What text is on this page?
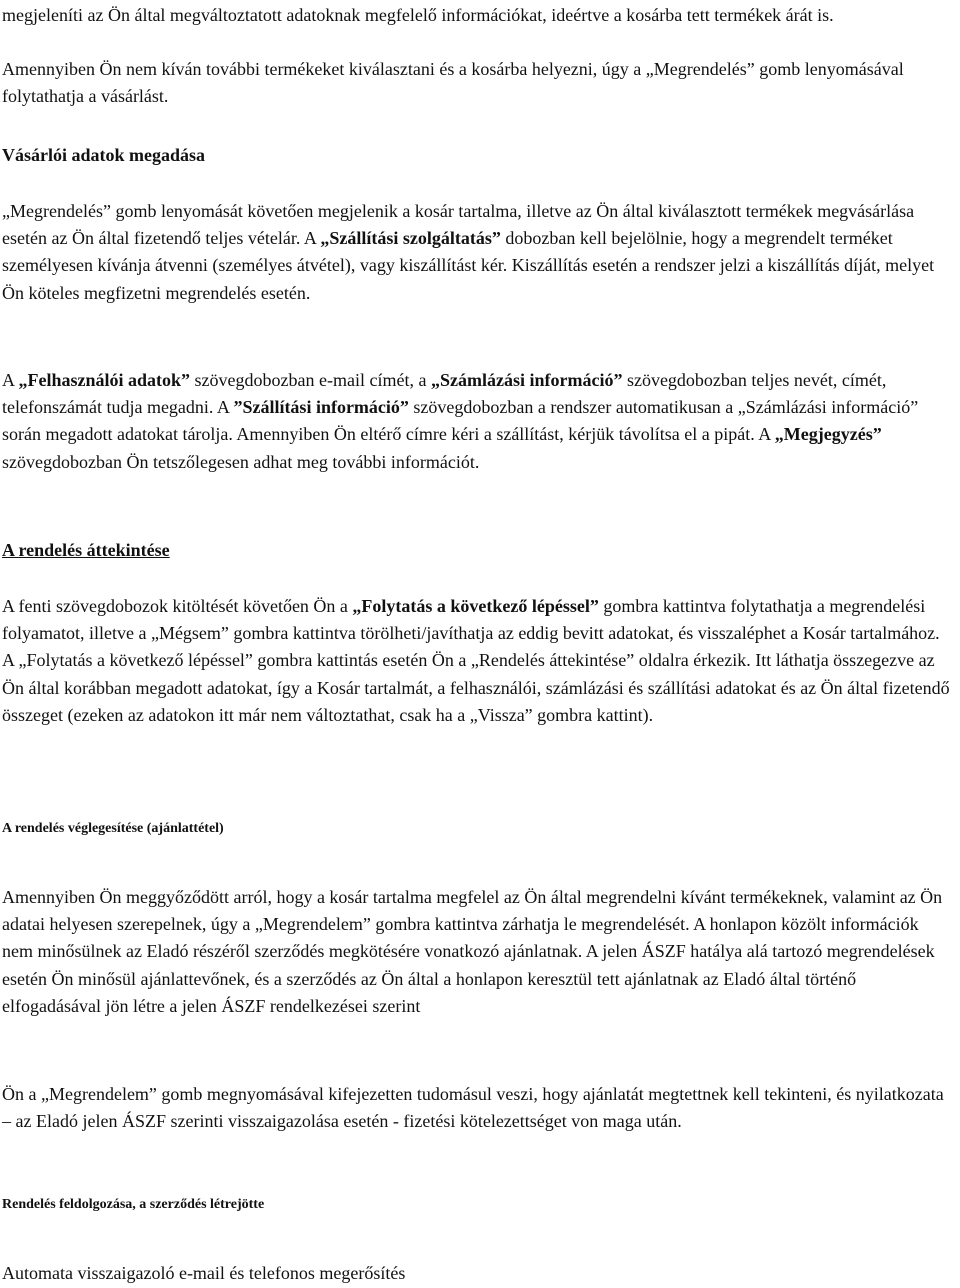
megjeleníti az Ön által megváltoztatott adatoknak megfelelő információkat, ideértve a kosárba tett termékek árát is.

Amennyiben Ön nem kíván további termékeket kiválasztani és a kosárba helyezni, úgy a „Megrendelés” gomb lenyomásával folytathatja a vásárlást.

Vásárlói adatok megadása

„Megrendelés” gomb lenyomását követően megjelenik a kosár tartalma, illetve az Ön által kiválasztott termékek megvásárlása esetén az Ön által fizetendő teljes vételár. A „Szállítási szolgáltatás” dobozban kell bejelölnie, hogy a megrendelt terméket személyesen kívánja átvenni (személyes átvétel), vagy kiszállítást kér. Kiszállítás esetén a rendszer jelzi a kiszállítás díját, melyet Ön köteles megfizetni megrendelés esetén.

A „Felhasználói adatok” szövegdobozban e-mail címét, a „Számlázási információ” szövegdobozban teljes nevét, címét, telefonszámát tudja megadni. A ”Szállítási információ” szövegdobozban a rendszer automatikusan a „Számlázási információ” során megadott adatokat tárolja. Amennyiben Ön eltérő címre kéri a szállítást, kérjük távolítsa el a pipát. A „Megjegyzés” szövegdobozban Ön tetszőlegesen adhat meg további információt.

A rendelés áttekintése

A fenti szövegdobozok kitöltését követően Ön a „Folytatás a következő lépéssel” gombra kattintva folytathatja a megrendelési folyamatot, illetve a „Mégsem” gombra kattintva törölheti/javíthatja az eddig bevitt adatokat, és visszaléphet a Kosár tartalmához. A „Folytatás a következő lépéssel” gombra kattintás esetén Ön a „Rendelés áttekintése” oldalra érkezik. Itt láthatja összegezve az Ön által korábban megadott adatokat, így a Kosár tartalmát, a felhasználói, számlázási és szállítási adatokat és az Ön által fizetendő összeget (ezeken az adatokon itt már nem változtathat, csak ha a „Vissza” gombra kattint).

A rendelés véglegesítése (ajánlattétel)

Amennyiben Ön meggyőződött arról, hogy a kosár tartalma megfelel az Ön által megrendelni kívánt termékeknek, valamint az Ön adatai helyesen szerepelnek, úgy a „Megrendelem” gombra kattintva zárhatja le megrendelését. A honlapon közölt információk nem minősülnek az Eladó részéről szerződés megkötésére vonatkozó ajánlatnak. A jelen ÁSZF hatálya alá tartozó megrendelések esetén Ön minősül ajánlattevőnek, és a szerződés az Ön által a honlapon keresztül tett ajánlatnak az Eladó által történő elfogadásával jön létre a jelen ÁSZF rendelkezései szerint

Ön a „Megrendelem” gomb megnyomásával kifejezetten tudomásul veszi, hogy ajánlatát megtettnek kell tekinteni, és nyilatkozata – az Eladó jelen ÁSZF szerinti visszaigazolása esetén - fizetési kötelezettséget von maga után.

Rendelés feldolgozása, a szerződés létrejötte

Automata visszaigazoló e-mail és telefonos megerősítés
